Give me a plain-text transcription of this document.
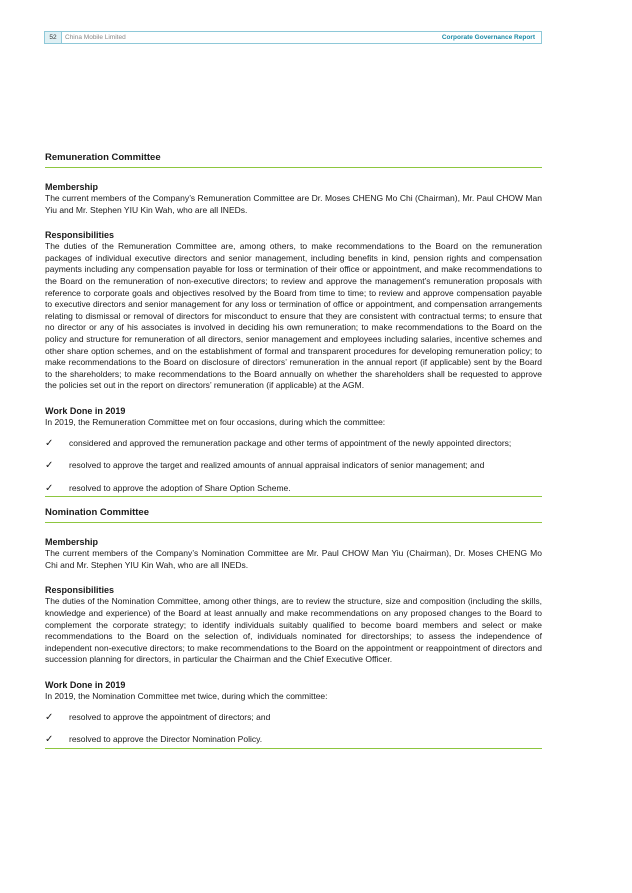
52	China Mobile Limited	Corporate Governance Report
Remuneration Committee
Membership

The current members of the Company’s Remuneration Committee are Dr. Moses CHENG Mo Chi (Chairman), Mr. Paul CHOW Man Yiu and Mr. Stephen YIU Kin Wah, who are all INEDs.

Responsibilities

The duties of the Remuneration Committee are, among others, to make recommendations to the Board on the remuneration packages of individual executive directors and senior management, including benefits in kind, pension rights and compensation payments including any compensation payable for loss or termination of their office or appointment, and make recommendations to the Board on the remuneration of non-executive directors; to review and approve the management’s remuneration proposals with reference to corporate goals and objectives resolved by the Board from time to time; to review and approve compensation payable to executive directors and senior management for any loss or termination of office or appointment, and compensation arrangements relating to dismissal or removal of directors for misconduct to ensure that they are consistent with contractual terms; to ensure that no director or any of his associates is involved in deciding his own remuneration; to make recommendations to the Board on the policy and structure for remuneration of all directors, senior management and employees including salaries, incentive schemes and other share option schemes, and on the establishment of formal and transparent procedures for developing remuneration policy; to make recommendations to the Board on disclosure of directors’ remuneration in the annual report (if applicable) sent by the Board to the shareholders; to make recommendations to the Board annually on whether the shareholders shall be requested to approve the policies set out in the report on directors’ remuneration (if applicable) at the AGM.

Work Done in 2019

In 2019, the Remuneration Committee met on four occasions, during which the committee:

✓ considered and approved the remuneration package and other terms of appointment of the newly appointed directors;
✓ resolved to approve the target and realized amounts of annual appraisal indicators of senior management; and
✓ resolved to approve the adoption of Share Option Scheme.
Nomination Committee
Membership

The current members of the Company’s Nomination Committee are Mr. Paul CHOW Man Yiu (Chairman), Dr. Moses CHENG Mo Chi and Mr. Stephen YIU Kin Wah, who are all INEDs.

Responsibilities

The duties of the Nomination Committee, among other things, are to review the structure, size and composition (including the skills, knowledge and experience) of the Board at least annually and make recommendations on any proposed changes to the Board to complement the corporate strategy; to identify individuals suitably qualified to become board members and select or make recommendations to the Board on the selection of, individuals nominated for directorships; to assess the independence of independent non-executive directors; to make recommendations to the Board on the appointment or reappointment of directors and succession planning for directors, in particular the Chairman and the Chief Executive Officer.

Work Done in 2019

In 2019, the Nomination Committee met twice, during which the committee:

✓ resolved to approve the appointment of directors; and
✓ resolved to approve the Director Nomination Policy.
